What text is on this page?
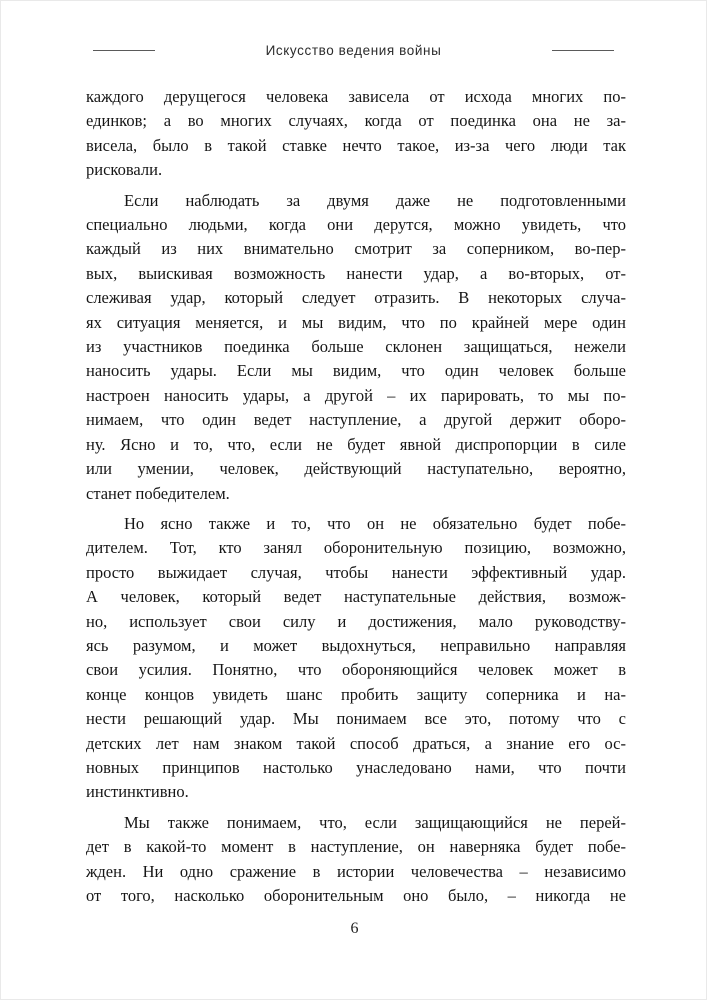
Искусство ведения войны

каждого дерущегося человека зависела от исхода многих по-
единков; а во многих случаях, когда от поединка она не за-
висела, было в такой ставке нечто такое, из-за чего люди так
рисковали.

Если наблюдать за двумя даже не подготовленными
специально людьми, когда они дерутся, можно увидеть, что
каждый из них внимательно смотрит за соперником, во-пер-
вых, выискивая возможность нанести удар, а во-вторых, от-
слеживая удар, который следует отразить. В некоторых случа-
ях ситуация меняется, и мы видим, что по крайней мере один
из участников поединка больше склонен защищаться, нежели
наносить удары. Если мы видим, что один человек больше
настроен наносить удары, а другой – их парировать, то мы по-
нимаем, что один ведет наступление, а другой держит оборо-
ну. Ясно и то, что, если не будет явной диспропорции в силе
или умении, человек, действующий наступательно, вероятно,
станет победителем.

Но ясно также и то, что он не обязательно будет побе-
дителем. Тот, кто занял оборонительную позицию, возможно,
просто выжидает случая, чтобы нанести эффективный удар.
А человек, который ведет наступательные действия, возмож-
но, использует свои силу и достижения, мало руководству-
ясь разумом, и может выдохнуться, неправильно направляя
свои усилия. Понятно, что обороняющийся человек может в
конце концов увидеть шанс пробить защиту соперника и на-
нести решающий удар. Мы понимаем все это, потому что с
детских лет нам знаком такой способ драться, а знание его ос-
новных принципов настолько унаследовано нами, что почти
инстинктивно.

Мы также понимаем, что, если защищающийся не перей-
дет в какой-то момент в наступление, он наверняка будет побе-
жден. Ни одно сражение в истории человечества – независимо
от того, насколько оборонительным оно было, – никогда не

6
